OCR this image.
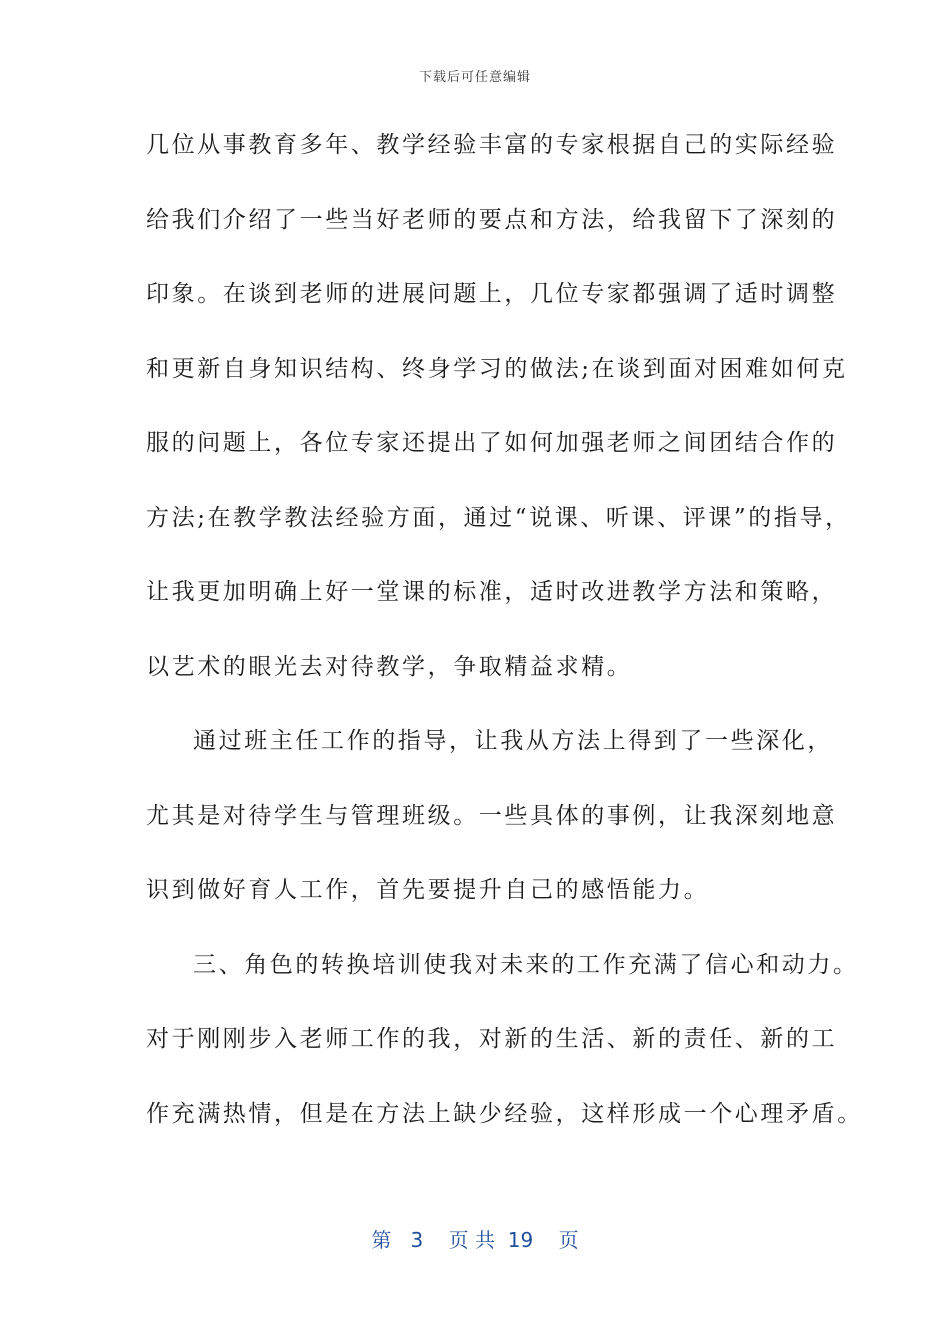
下载后可任意编辑
几位从事教育多年、教学经验丰富的专家根据自己的实际经验
给我们介绍了一些当好老师的要点和方法，给我留下了深刻的
印象。在谈到老师的进展问题上，几位专家都强调了适时调整
和更新自身知识结构、终身学习的做法;在谈到面对困难如何克
服的问题上，各位专家还提出了如何加强老师之间团结合作的
方法;在教学教法经验方面，通过“说课、听课、评课”的指导，
让我更加明确上好一堂课的标准，适时改进教学方法和策略，
以艺术的眼光去对待教学，争取精益求精。
通过班主任工作的指导，让我从方法上得到了一些深化，
尤其是对待学生与管理班级。一些具体的事例，让我深刻地意
识到做好育人工作，首先要提升自己的感悟能力。
三、角色的转换培训使我对未来的工作充满了信心和动力。
对于刚刚步入老师工作的我，对新的生活、新的责任、新的工
作充满热情，但是在方法上缺少经验，这样形成一个心理矛盾。
第 3 页 共 19 页
